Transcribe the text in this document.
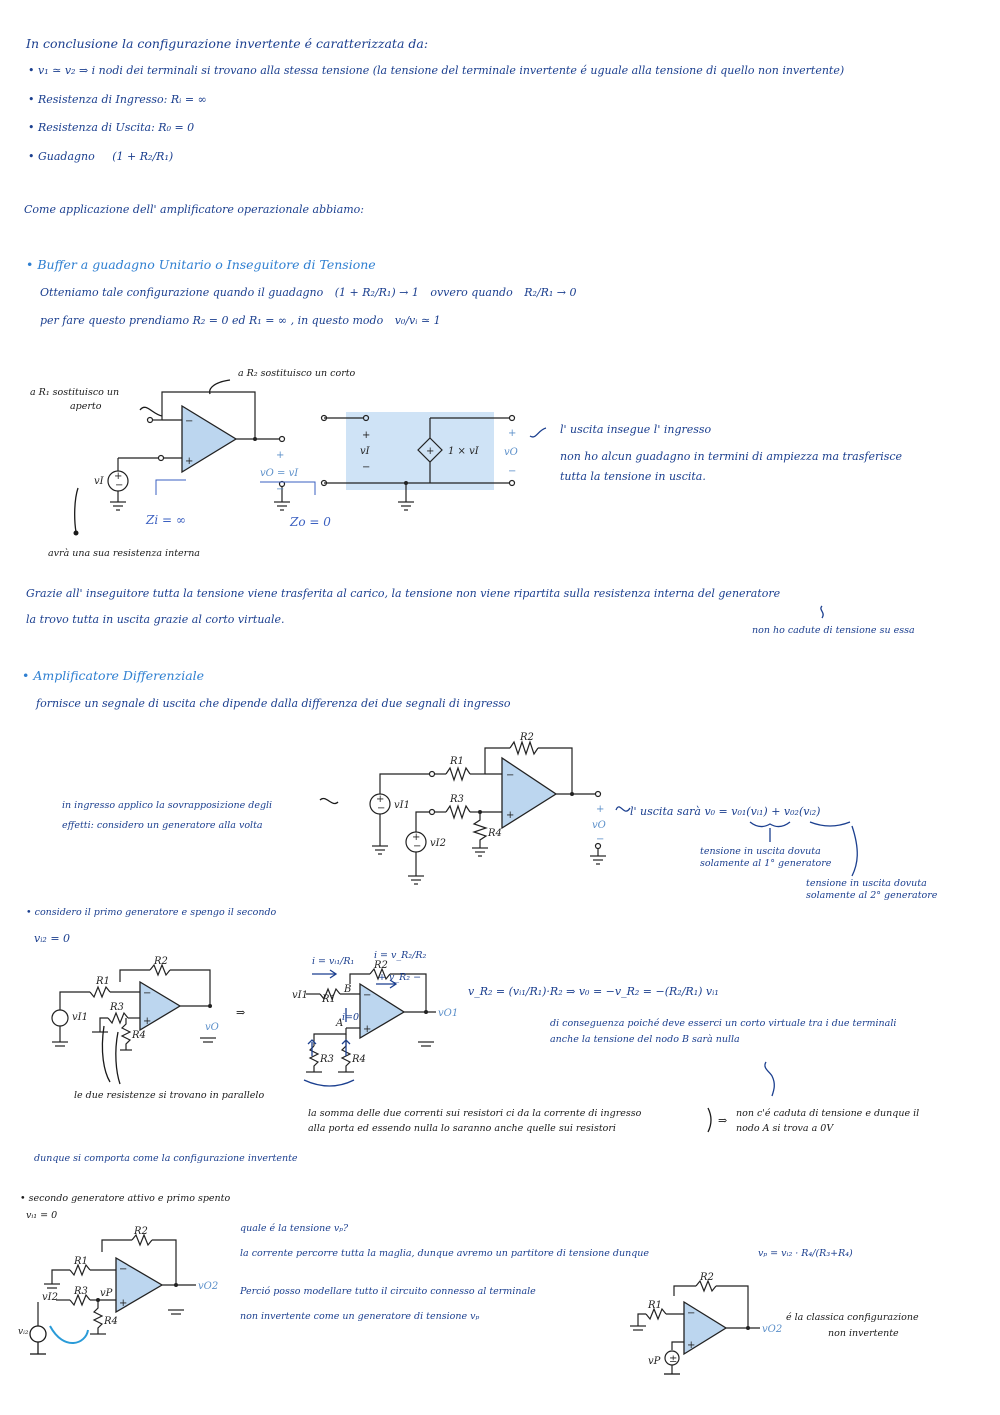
In conclusione la configurazione invertente é caratterizzata da:
• v₁ ≃ v₂ ⇒ i nodi dei terminali si trovano alla stessa tensione (la tensione del terminale invertente é uguale alla tensione di quello non invertente)
• Resistenza di Ingresso: Rᵢ = ∞
• Resistenza di Uscita: R₀ = 0
• Guadagno (1 + R₂/R₁)
Come applicazione dell' amplificatore operazionale abbiamo:
• Buffer a guadagno Unitario o Inseguitore di Tensione
Otteniamo tale configurazione quando il guadagno (1 + R₂/R₁) → 1 ovvero quando R₂/R₁ → 0
per fare questo prendiamo R₂ = 0 ed R₁ = ∞ , in questo modo v₀/vᵢ ≃ 1
a R₂ sostituisco un corto
a R₁ sostituisco un
aperto
avrà una sua resistenza interna
−
+
+
−
vI
+
vO = vI
−
Zi = ∞	Zo = 0
+
vI
−
+ 1 × vI
+
vO
−
l' uscita insegue l' ingresso
non ho alcun guadagno in termini di ampiezza ma trasferisce
tutta la tensione in uscita.
Grazie all' inseguitore tutta la tensione viene trasferita al carico, la tensione non viene ripartita sulla resistenza interna del generatore
la trovo tutta in uscita grazie al corto virtuale.
non ho cadute di tensione su essa
• Amplificatore Differenziale
fornisce un segnale di uscita che dipende dalla differenza dei due segnali di ingresso
in ingresso applico la sovrapposizione degli
effetti: considero un generatore alla volta
R2
−
+
+
vO
−
R1
+
− vI1
R3
+
− vI2
R4
l' uscita sarà v₀ = v₀₁(vᵢ₁) + v₀₂(vᵢ₂)
tensione in uscita dovuta
solamente al 1° generatore
tensione in uscita dovuta
solamente al 2° generatore
• considero il primo generatore e spengo il secondo
vᵢ₂ = 0
R2
−
+
vO
R1
vI1
R3
R4
⇒
R1
R2
−
+
vO1
vI1
B
A
R3 R4
i = vᵢ₁/R₁
i = v_R₂/R₂
+ v_R₂ −
i=0
v_R₂ = (vᵢ₁/R₁)·R₂ ⇒ v₀ = −v_R₂ = −(R₂/R₁) vᵢ₁
di conseguenza poiché deve esserci un corto virtuale tra i due terminali
anche la tensione del nodo B sarà nulla
le due resistenze si trovano in parallelo
la somma delle due correnti sui resistori ci da la corrente di ingresso
alla porta ed essendo nulla lo saranno anche quelle sui resistori
⇒
non c'é caduta di tensione e dunque il
nodo A si trova a 0V
dunque si comporta come la configurazione invertente
• secondo generatore attivo e primo spento
vᵢ₁ = 0
R2
−
+
vO2
R1
vP
R3
vI2
R4
vᵢ₂
quale é la tensione vₚ?
la corrente percorre tutta la maglia, dunque avremo un partitore di tensione dunque	vₚ = vᵢ₂ · R₄/(R₃+R₄)
Perció posso modellare tutto il circuito connesso al terminale
non invertente come un generatore di tensione vₚ
R2
−
+
vO2
R1
±
vP
é la classica configurazione
non invertente
